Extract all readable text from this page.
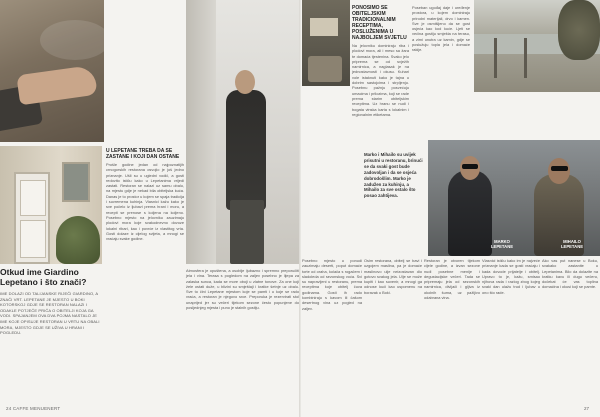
Otkud ime Giardino Lepetano i što znači?
IME DOLAZI OD TALIJANSKE RIJEČI GIARDINO, A ZNAČI VRT. LEPETANE JE MJESTO U BOKI KOTORSKOJ GDJE SE RESTORAN NALAZI I ODAKLE POTJEČE PRIČA O OBITELJI KOJA GA VODI. SPAJANJEM OVA DVA POJMA NASTALO JE IME KOJE OPISUJE RESTORAN U VRTU NA OBALI MORA, MJESTO GDJE SE UŽIVA U HRANI I POGLEDU.
U LEPETANE TREBA DA SE ZASTANE I KOJI DAN OSTANE
Prošle godine jedan od najpoznatijih crnogorskih restorana osvojio je još jedno priznanje. Ušli su u ugledni vodič, a gosti redovito ističu kako u Lepetanima vrijedi zastati. Restoran se nalazi uz samu obalu, na mjestu gdje je nekad bila obiteljska kuća. Danas je to prostor u kojem se spaja tradicija i suvremena kuhinja. Vlasnici kažu kako je sve počelo iz ljubavi prema hrani i moru, a recepti se prenose s koljena na koljeno. Posebno mjesto na jelovniku zauzimaju plodovi mora koje svakodnevno dovoze lokalni ribari, kao i povrće iz vlastitog vrta. Gosti dolaze iz cijelog svijeta, a mnogi se vraćaju svake godine.
Atmosfera je opuštena, a osoblje ljubazno i spremno preporučiti jela i vina. Terasa s pogledom na zaljev posebno je lijepa za zalaska sunca, kada se more oboji u zlatne tonove. Za one koji žele ostati duže, u blizini su smještaji i kratke šetnje uz obalu. Sve to čini Lepetane mjestom koje se pamti i u koje se rado vraća, a restoran je njegovo srce. Preporuka je rezervirati stol unaprijed jer su večeri tijekom sezone često popunjene do posljednjeg mjesta i puno je stalnih gostiju.
24 CAFFE MENUENERT
PONOSIMO SE OBITELJSKIM TRADICIONALNIM RECEPTIMA, POSLUŽENIMA U NAJBOLJEM SVJETLU
Na jelovniku dominiraju riba i plodovi mora, ali i meso sa žara te domaća tjestenina. Svako jelo priprema se od svježih namirnica, a naglasak je na jednostavnosti i okusu. Kuhari vole istaknuti kako je tajna u dobrim sastojcima i strpljenju. Posebnu pažnju posvećuju umacima i prilozima, koji se rade prema starim obiteljskim receptima. Uz hranu se nudi i bogata vinska karta s lokalnim i regionalnim etiketama.
Poseban ugođaj daje i uređenje prostora, u kojem dominiraju prirodni materijali, drvo i kamen. Sve je osmišljeno da se gost osjeća kao kod kuće. Ljeti se većina gostiju smješta na terasu, a zimi unutra uz kamin, gdje se poslužuju topla jela i domaće rakije.
Marko i Mihailo su uvijek prisutni u restoranu, brinući se da svaki gost bude zadovoljan i da se osjeća dobrodošlim. Marko je zadužen za kuhinju, a Mihailo za sve ostalo što posao zahtijeva.
MARKO LEPETANE
MIHAILO LEPETANE
Posebno mjesto u ponudi zauzimaju deserti, poput domaće torte od oraha, kolača s rogačem i sladoleda od sezonskog voća. Svi su napravljeni u restoranu, prema receptima koje obitelj čuva godinama. Gosti ih rado kombiniraju s kavom ili čašom desertnog vina uz pogled na zaljev.
Osim restorana, obitelj se bavi i uzgojem maslina, pa je domaće maslinovo ulje neizostavan dio gotovo svakog jela. Ulje se može kupiti i kao suvenir, a mnogi ga odnose kući kao uspomenu na boravak u Boki.
Restoran je otvoren tijekom cijele godine, a izvan sezone nudi posebne menije i degustacijske večeri. Tada se pripremaju jela od sezonskih namirnica, divljači i gljiva iz okolnih šuma, uz pažljivo odabrana vina.
Vlasnici ističu kako im je najveće priznanje kada se gosti vraćaju i kada dovode prijatelje i obitelj. Upravo to je, kažu, smisao njihova rada i razlog zbog kojeg svaki dan ulažu trud i ljubav u ono što rade.
Ako vas put nanese u Boku, svakako zastanite u Lepetanima. Bilo da dolazite na kratku kavu ili dugu večeru, dočekat će vas toplina domaćina i okusi koji se pamte.
27
